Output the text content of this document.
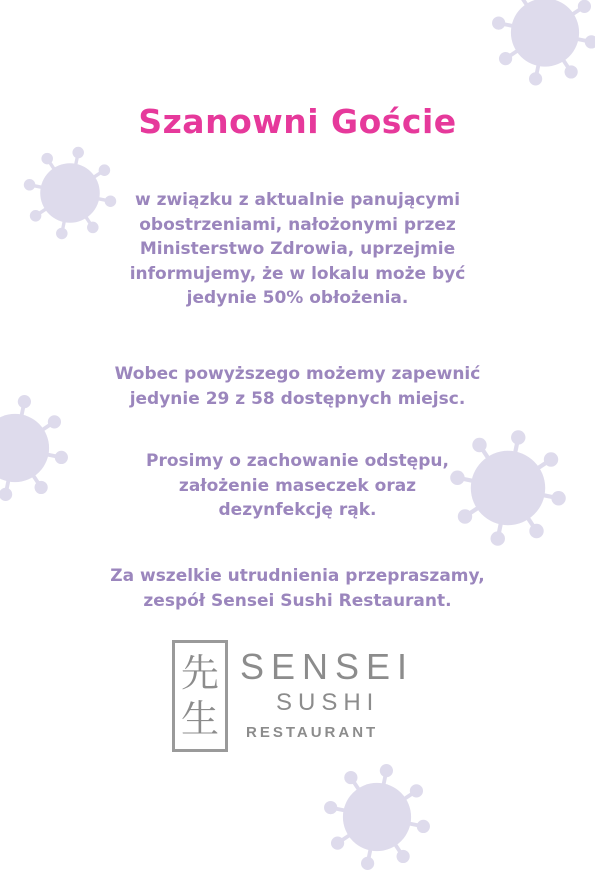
Szanowni Goście
w związku z aktualnie panującymi
obostrzeniami, nałożonymi przez
Ministerstwo Zdrowia, uprzejmie
informujemy, że w lokalu może być
jedynie 50% obłożenia.
Wobec powyższego możemy zapewnić
jedynie 29 z 58 dostępnych miejsc.
Prosimy o zachowanie odstępu,
założenie maseczek oraz
dezynfekcję rąk.
Za wszelkie utrudnienia przepraszamy,
zespół Sensei Sushi Restaurant.
先
生
SENSEI
SUSHI
RESTAURANT
